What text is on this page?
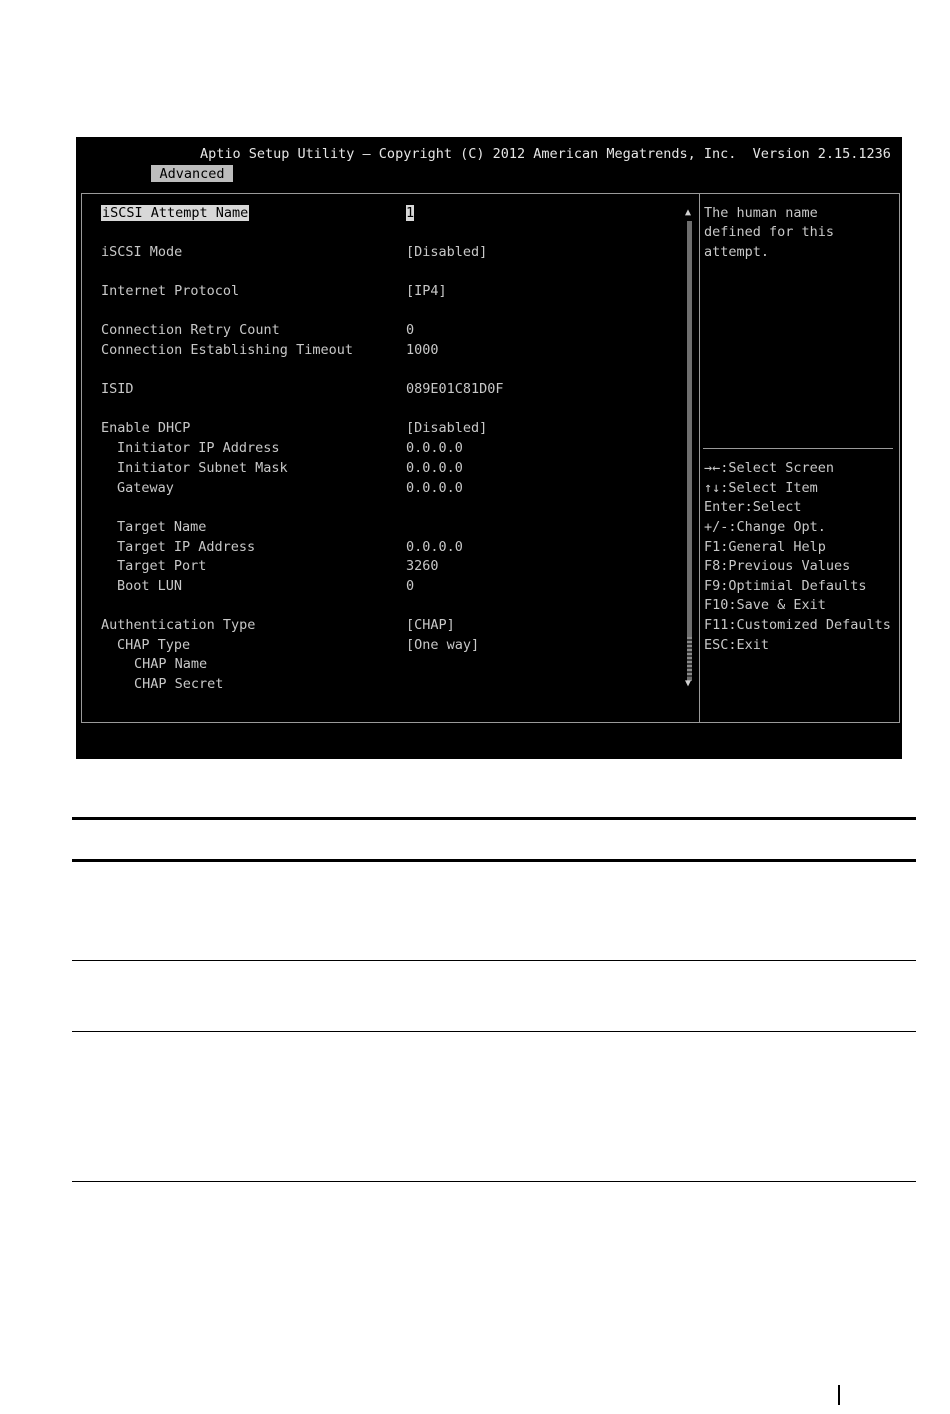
Aptio Setup Utility – Copyright (C) 2012 American Megatrends, Inc.  Version 2.15.1236
Advanced
iSCSI Attempt Name	1
iSCSI Mode	[Disabled]
Internet Protocol	[IP4]
Connection Retry Count	0
Connection Establishing Timeout	1000
ISID	089E01C81D0F
Enable DHCP	[Disabled]
Initiator IP Address	0.0.0.0
Initiator Subnet Mask	0.0.0.0
Gateway	0.0.0.0
Target Name
Target IP Address	0.0.0.0
Target Port	3260
Boot LUN	0
Authentication Type	[CHAP]
CHAP Type	[One way]
CHAP Name
CHAP Secret
▲
▼
The human name
defined for this
attempt.
→←:Select Screen
↑↓:Select Item
Enter:Select
+/-:Change Opt.
F1:General Help
F8:Previous Values
F9:Optimial Defaults
F10:Save & Exit
F11:Customized Defaults
ESC:Exit
